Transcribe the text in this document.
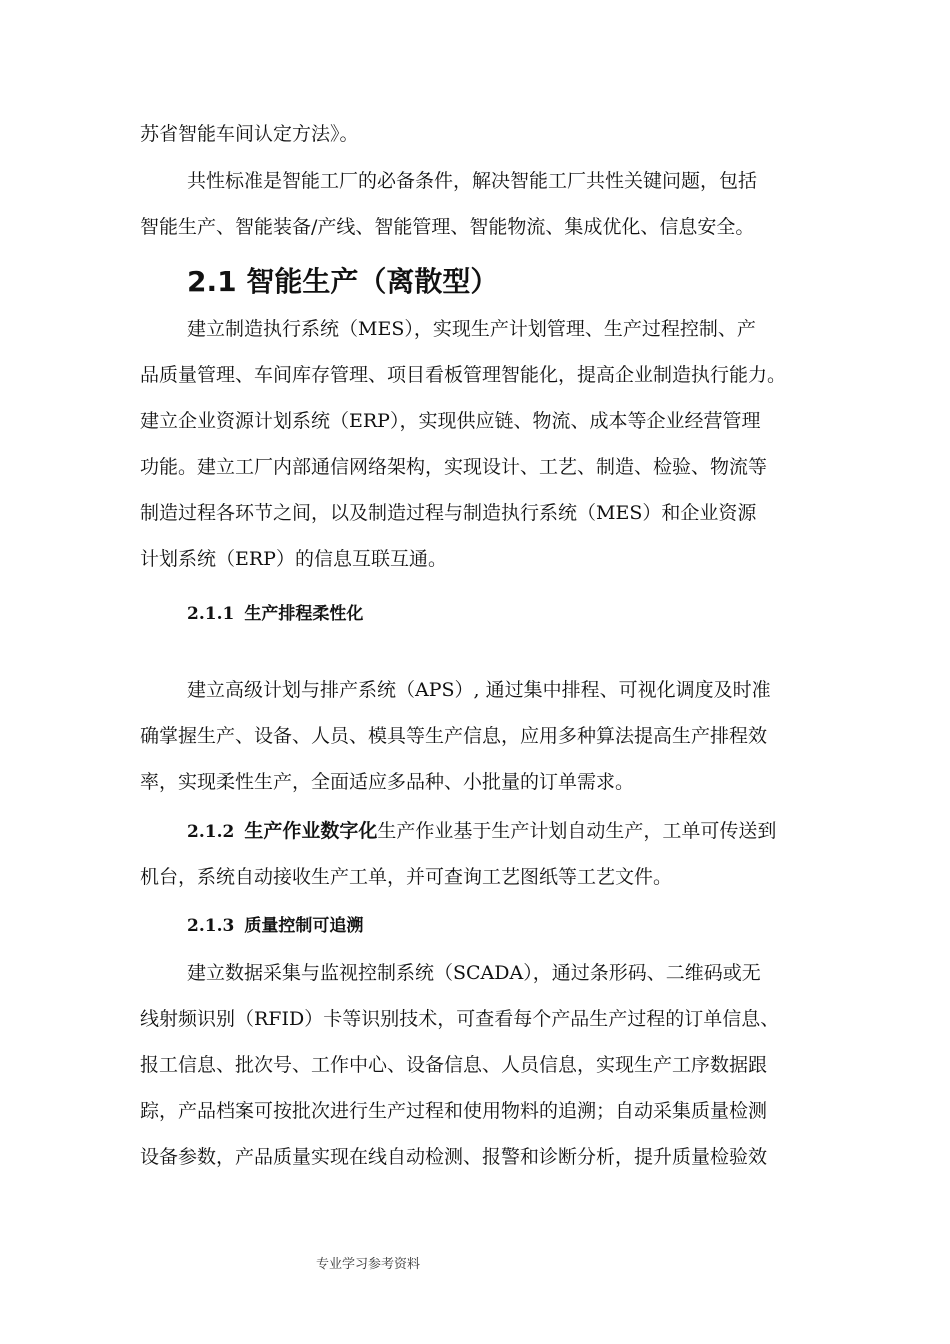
苏省智能车间认定方法》。
共性标准是智能工厂的必备条件，解决智能工厂共性关键问题，包括
智能生产、智能装备/产线、智能管理、智能物流、集成优化、信息安全。
2.1 智能生产（离散型）
建立制造执行系统（MES），实现生产计划管理、生产过程控制、产
品质量管理、车间库存管理、项目看板管理智能化，提高企业制造执行能力。
建立企业资源计划系统（ERP），实现供应链、物流、成本等企业经营管理
功能。建立工厂内部通信网络架构，实现设计、工艺、制造、检验、物流等
制造过程各环节之间，以及制造过程与制造执行系统（MES）和企业资源
计划系统（ERP）的信息互联互通。
2.1.1 生产排程柔性化
建立高级计划与排产系统（APS）, 通过集中排程、可视化调度及时准
确掌握生产、设备、人员、模具等生产信息，应用多种算法提高生产排程效
率，实现柔性生产，全面适应多品种、小批量的订单需求。
2.1.2 生产作业数字化生产作业基于生产计划自动生产，工单可传送到
机台，系统自动接收生产工单，并可查询工艺图纸等工艺文件。
2.1.3 质量控制可追溯
建立数据采集与监视控制系统（SCADA），通过条形码、二维码或无
线射频识别（RFID）卡等识别技术，可查看每个产品生产过程的订单信息、
报工信息、批次号、工作中心、设备信息、人员信息，实现生产工序数据跟
踪，产品档案可按批次进行生产过程和使用物料的追溯；自动采集质量检测
设备参数，产品质量实现在线自动检测、报警和诊断分析，提升质量检验效
专业学习参考资料
